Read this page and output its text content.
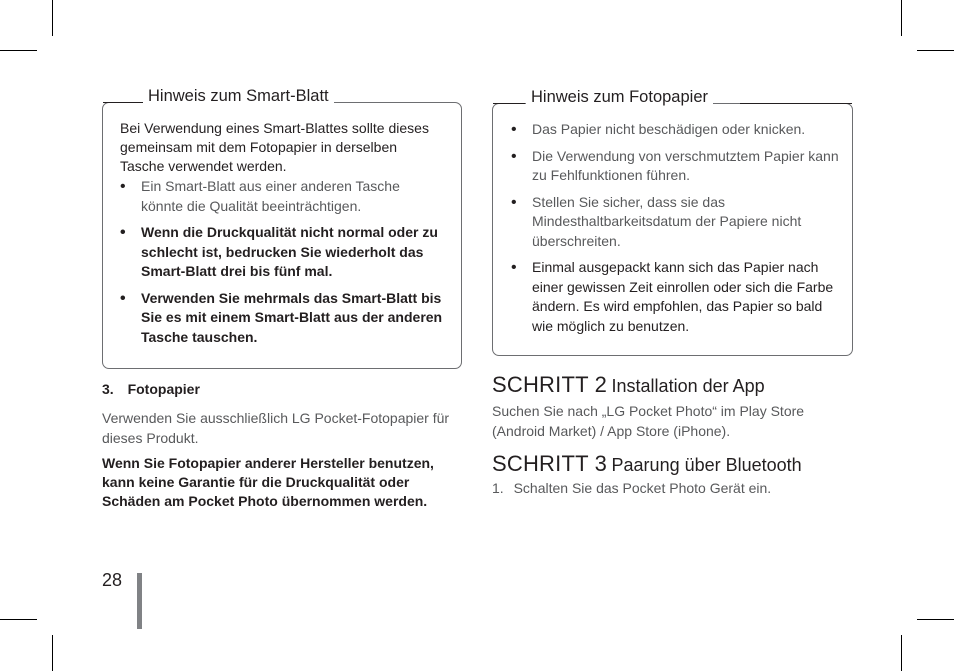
Hinweis zum Smart-Blatt

Bei Verwendung eines Smart-Blattes sollte dieses gemeinsam mit dem Fotopapier in derselben Tasche verwendet werden.

• Ein Smart-Blatt aus einer anderen Tasche könnte die Qualität beeinträchtigen.
• Wenn die Druckqualität nicht normal oder zu schlecht ist, bedrucken Sie wiederholt das Smart-Blatt drei bis fünf mal.
• Verwenden Sie mehrmals das Smart-Blatt bis Sie es mit einem Smart-Blatt aus der anderen Tasche tauschen.
3. Fotopapier

Verwenden Sie ausschließlich LG Pocket-Fotopapier für dieses Produkt.

Wenn Sie Fotopapier anderer Hersteller benutzen, kann keine Garantie für die Druckqualität oder Schäden am Pocket Photo übernommen werden.

28
Hinweis zum Fotopapier
• Das Papier nicht beschädigen oder knicken.
• Die Verwendung von verschmutztem Papier kann zu Fehlfunktionen führen.
• Stellen Sie sicher, dass sie das Mindesthaltbarkeitsdatum der Papiere nicht überschreiten.
• Einmal ausgepackt kann sich das Papier nach einer gewissen Zeit einrollen oder sich die Farbe ändern. Es wird empfohlen, das Papier so bald wie möglich zu benutzen.
SCHRITT 2 Installation der App

Suchen Sie nach „LG Pocket Photo“ im Play Store (Android Market) / App Store (iPhone).

SCHRITT 3 Paarung über Bluetooth
1. Schalten Sie das Pocket Photo Gerät ein.
